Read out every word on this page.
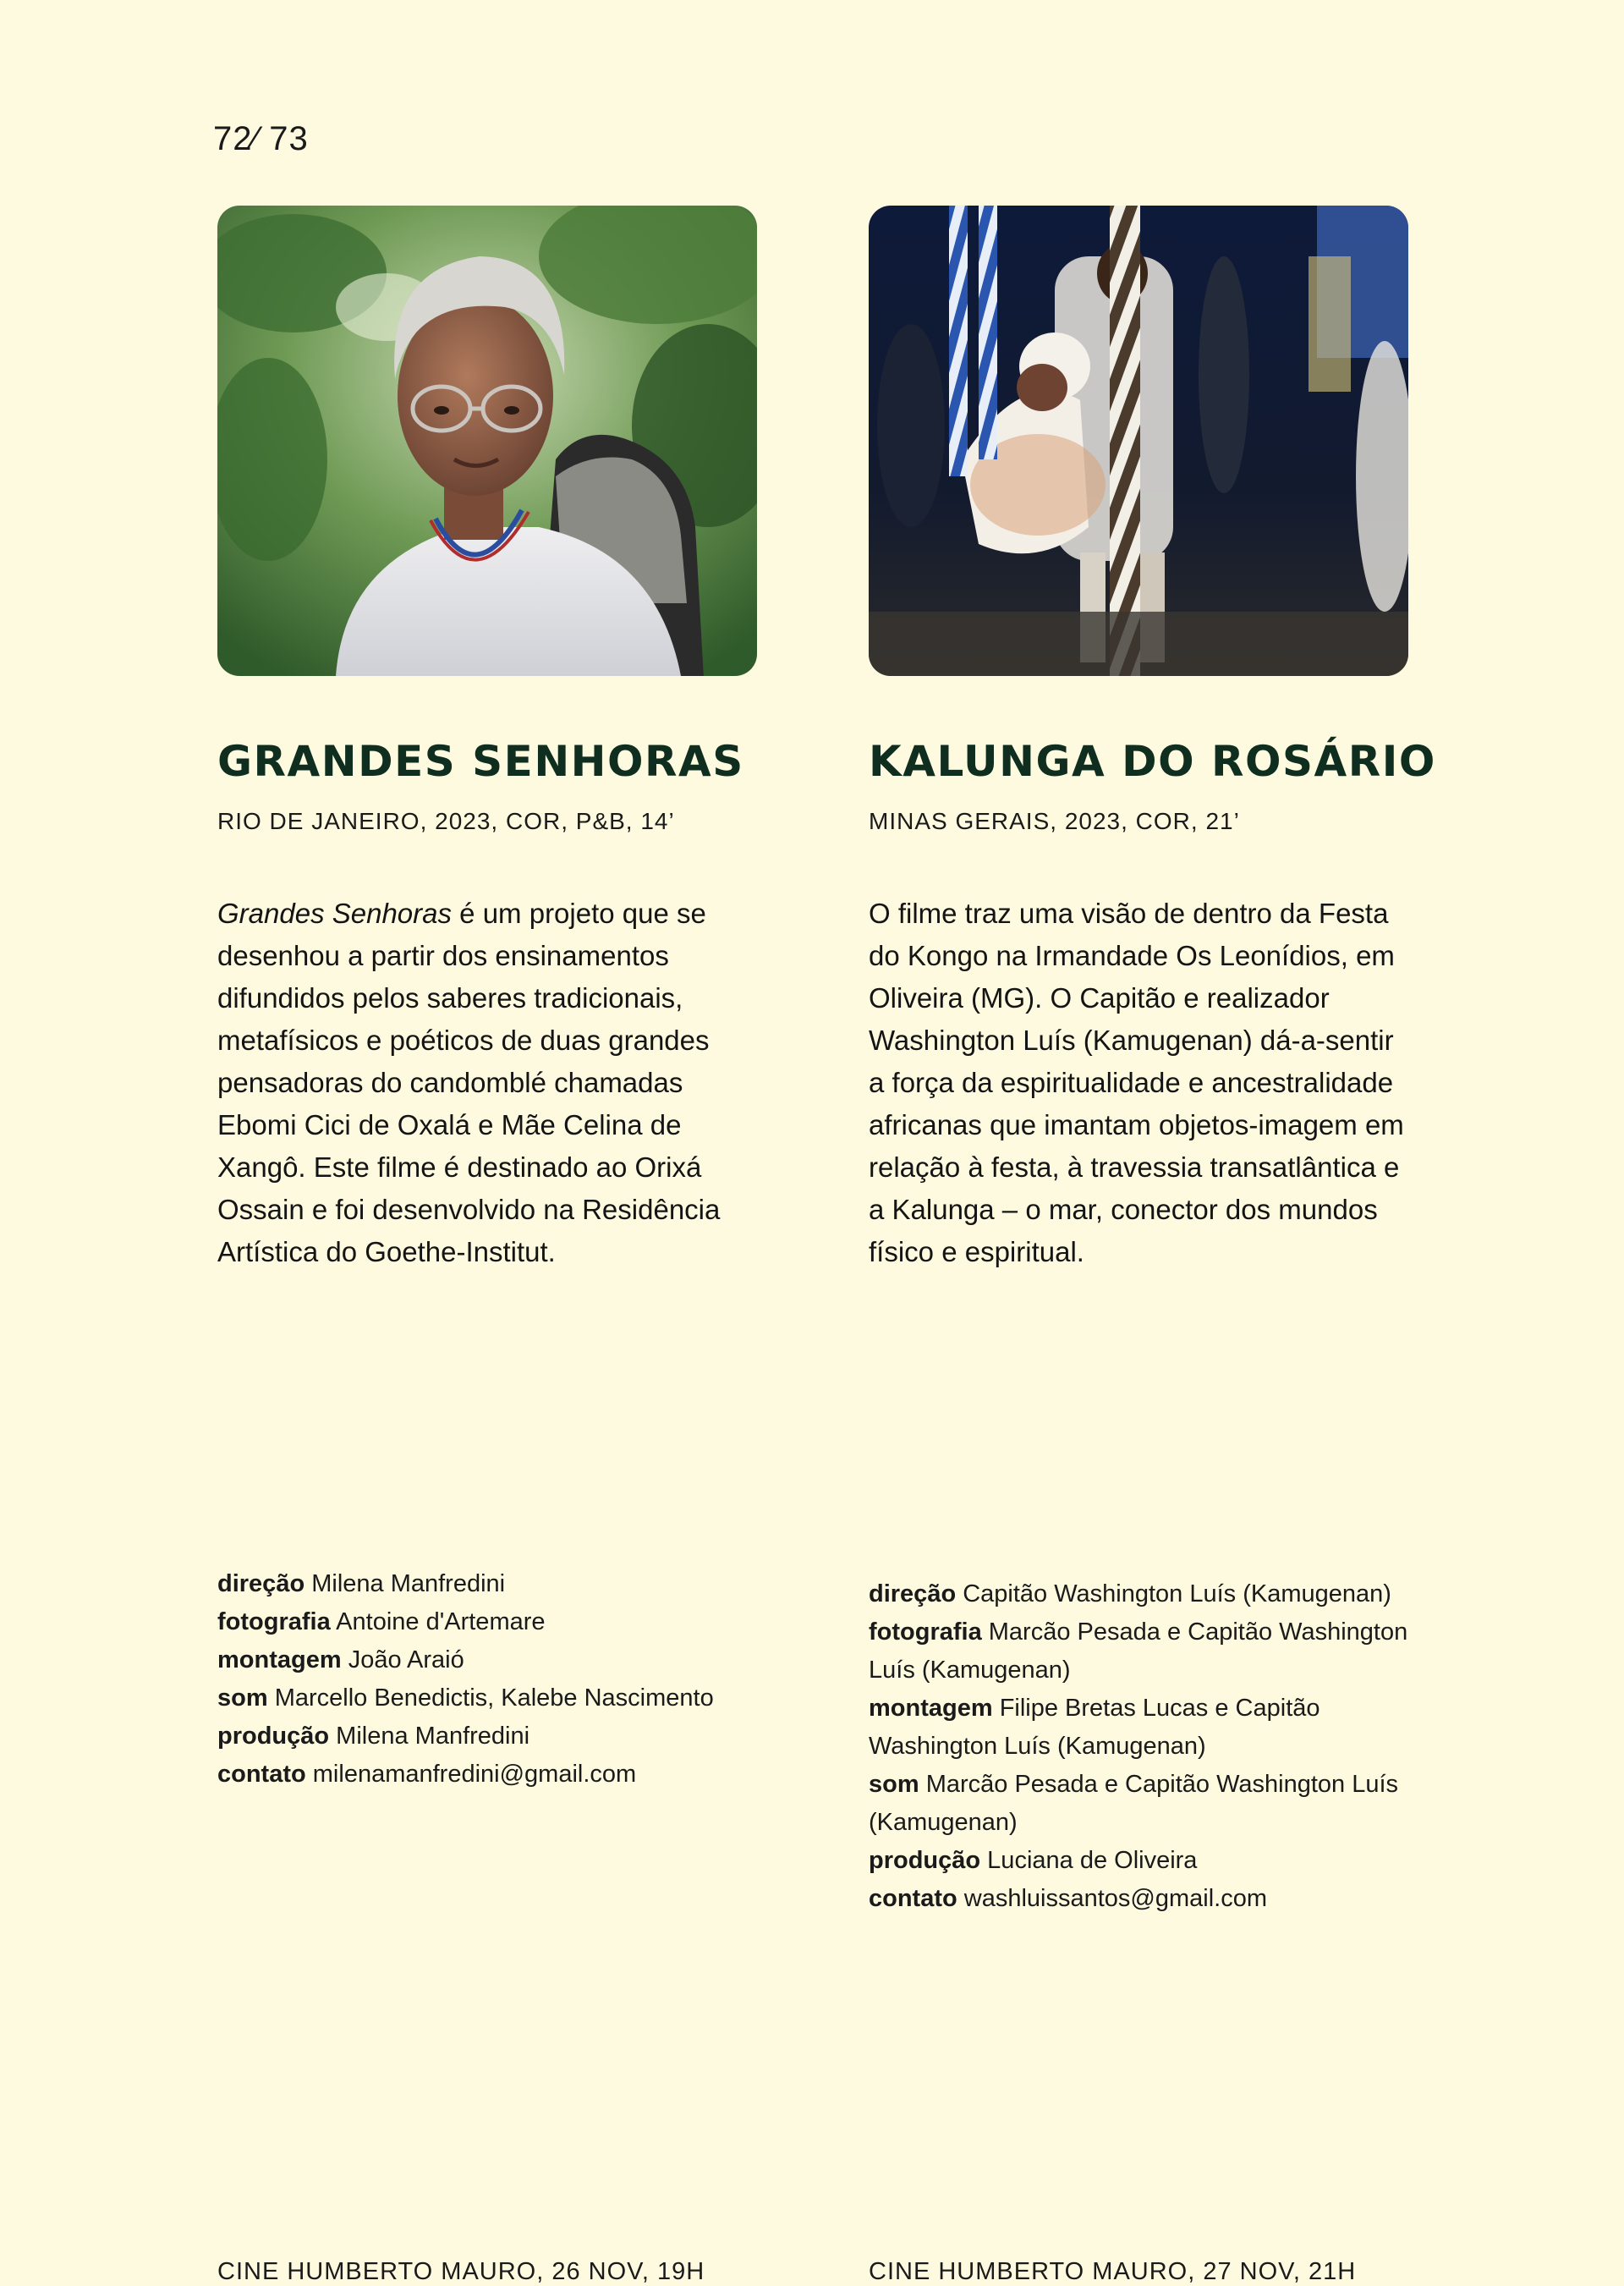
72⁄ 73
GRANDES SENHORAS
RIO DE JANEIRO, 2023, COR, P&B, 14’

Grandes Senhoras é um projeto que se desenhou a partir dos ensinamentos difundidos pelos saberes tradicionais, metafísicos e poéticos de duas grandes pensadoras do candomblé chamadas Ebomi Cici de Oxalá e Mãe Celina de Xangô. Este filme é destinado ao Orixá Ossain e foi desenvolvido na Residência Artística do Goethe-Institut.

direção Milena Manfredini
fotografia Antoine d'Artemare
montagem João Araió
som Marcello Benedictis, Kalebe Nascimento
produção Milena Manfredini
contato milenamanfredini@gmail.com
CINE HUMBERTO MAURO, 26 NOV, 19H
KALUNGA DO ROSÁRIO
MINAS GERAIS, 2023, COR, 21’

O filme traz uma visão de dentro da Festa do Kongo na Irmandade Os Leonídios, em Oliveira (MG). O Capitão e realizador Washington Luís (Kamugenan) dá-a-sentir a força da espiritualidade e ancestralidade africanas que imantam objetos-imagem em relação à festa, à travessia transatlântica e a Kalunga – o mar, conector dos mundos físico e espiritual.

direção Capitão Washington Luís (Kamugenan)
fotografia Marcão Pesada e Capitão Washington Luís (Kamugenan)
montagem Filipe Bretas Lucas e Capitão Washington Luís (Kamugenan)
som Marcão Pesada e Capitão Washington Luís (Kamugenan)
produção Luciana de Oliveira
contato washluissantos@gmail.com
CINE HUMBERTO MAURO, 27 NOV, 21H
